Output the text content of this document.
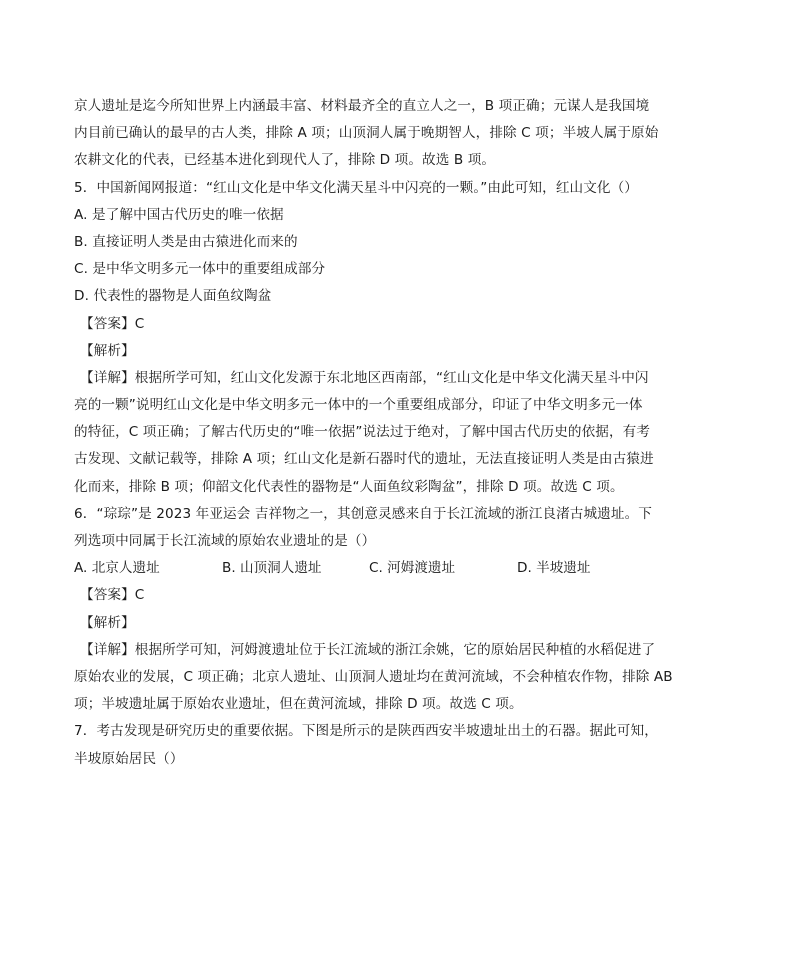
京人遗址是迄今所知世界上内涵最丰富、材料最齐全的直立人之一，B 项正确；元谋人是我国境
内目前已确认的最早的古人类，排除 A 项；山顶洞人属于晚期智人，排除 C 项；半坡人属于原始
农耕文化的代表，已经基本进化到现代人了，排除 D 项。故选 B 项。
5．中国新闻网报道：“红山文化是中华文化满天星斗中闪亮的一颗。”由此可知，红山文化（）
A. 是了解中国古代历史的唯一依据
B. 直接证明人类是由古猿进化而来的
C. 是中华文明多元一体中的重要组成部分
D. 代表性的器物是人面鱼纹陶盆
【答案】C
【解析】
【详解】根据所学可知，红山文化发源于东北地区西南部，“红山文化是中华文化满天星斗中闪
亮的一颗”说明红山文化是中华文明多元一体中的一个重要组成部分，印证了中华文明多元一体
的特征，C 项正确；了解古代历史的“唯一依据”说法过于绝对，了解中国古代历史的依据，有考
古发现、文献记载等，排除 A 项；红山文化是新石器时代的遗址，无法直接证明人类是由古猿进
化而来，排除 B 项；仰韶文化代表性的器物是“人面鱼纹彩陶盆”，排除 D 项。故选 C 项。
6．“琮琮”是 2023 年亚运会 吉祥物之一，其创意灵感来自于长江流域的浙江良渚古城遗址。下
列选项中同属于长江流域的原始农业遗址的是（）
A. 北京人遗址	B. 山顶洞人遗址	C. 河姆渡遗址	D. 半坡遗址
【答案】C
【解析】
【详解】根据所学可知，河姆渡遗址位于长江流域的浙江余姚，它的原始居民种植的水稻促进了
原始农业的发展，C 项正确；北京人遗址、山顶洞人遗址均在黄河流域，不会种植农作物，排除 AB
项；半坡遗址属于原始农业遗址，但在黄河流域，排除 D 项。故选 C 项。
7．考古发现是研究历史的重要依据。下图是所示的是陕西西安半坡遗址出土的石器。据此可知，
半坡原始居民（）
